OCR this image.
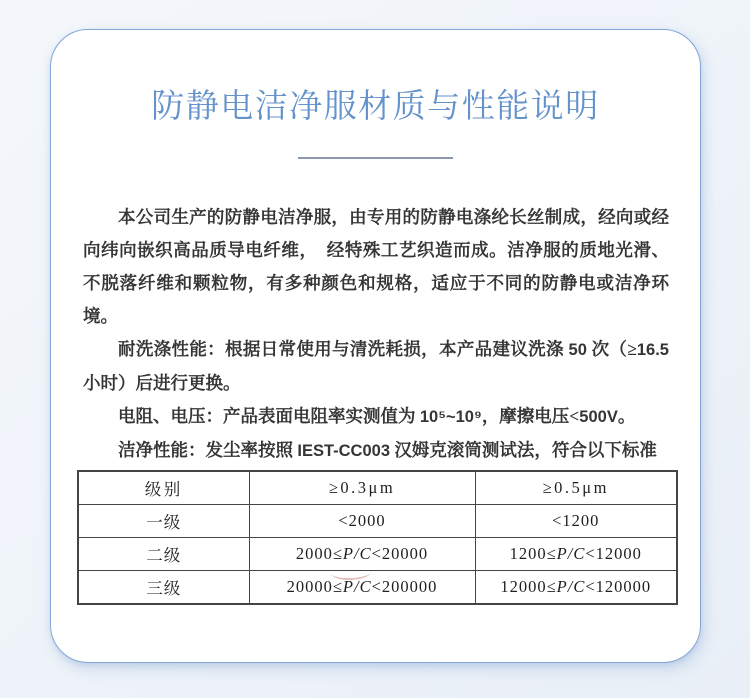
防静电洁净服材质与性能说明

本公司生产的防静电洁净服，由专用的防静电涤纶长丝制成，经向或经向纬向嵌织高品质导电纤维，　经特殊工艺织造而成。洁净服的质地光滑、不脱落纤维和颗粒物，有多种颜色和规格，适应于不同的防静电或洁净环境。

耐洗涤性能：根据日常使用与清洗耗损，本产品建议洗涤 50 次（≥16.5 小时）后进行更换。

电阻、电压：产品表面电阻率实测值为 10⁵~10⁹，摩擦电压<500V。

洁净性能：发尘率按照 IEST-CC003 汉姆克滚筒测试法，符合以下标准

级别	≥0.3μm	≥0.5μm
一级	<2000	<1200
二级	2000≤P/C<20000	1200≤P/C<12000
三级	20000≤P/C<200000	12000≤P/C<120000
